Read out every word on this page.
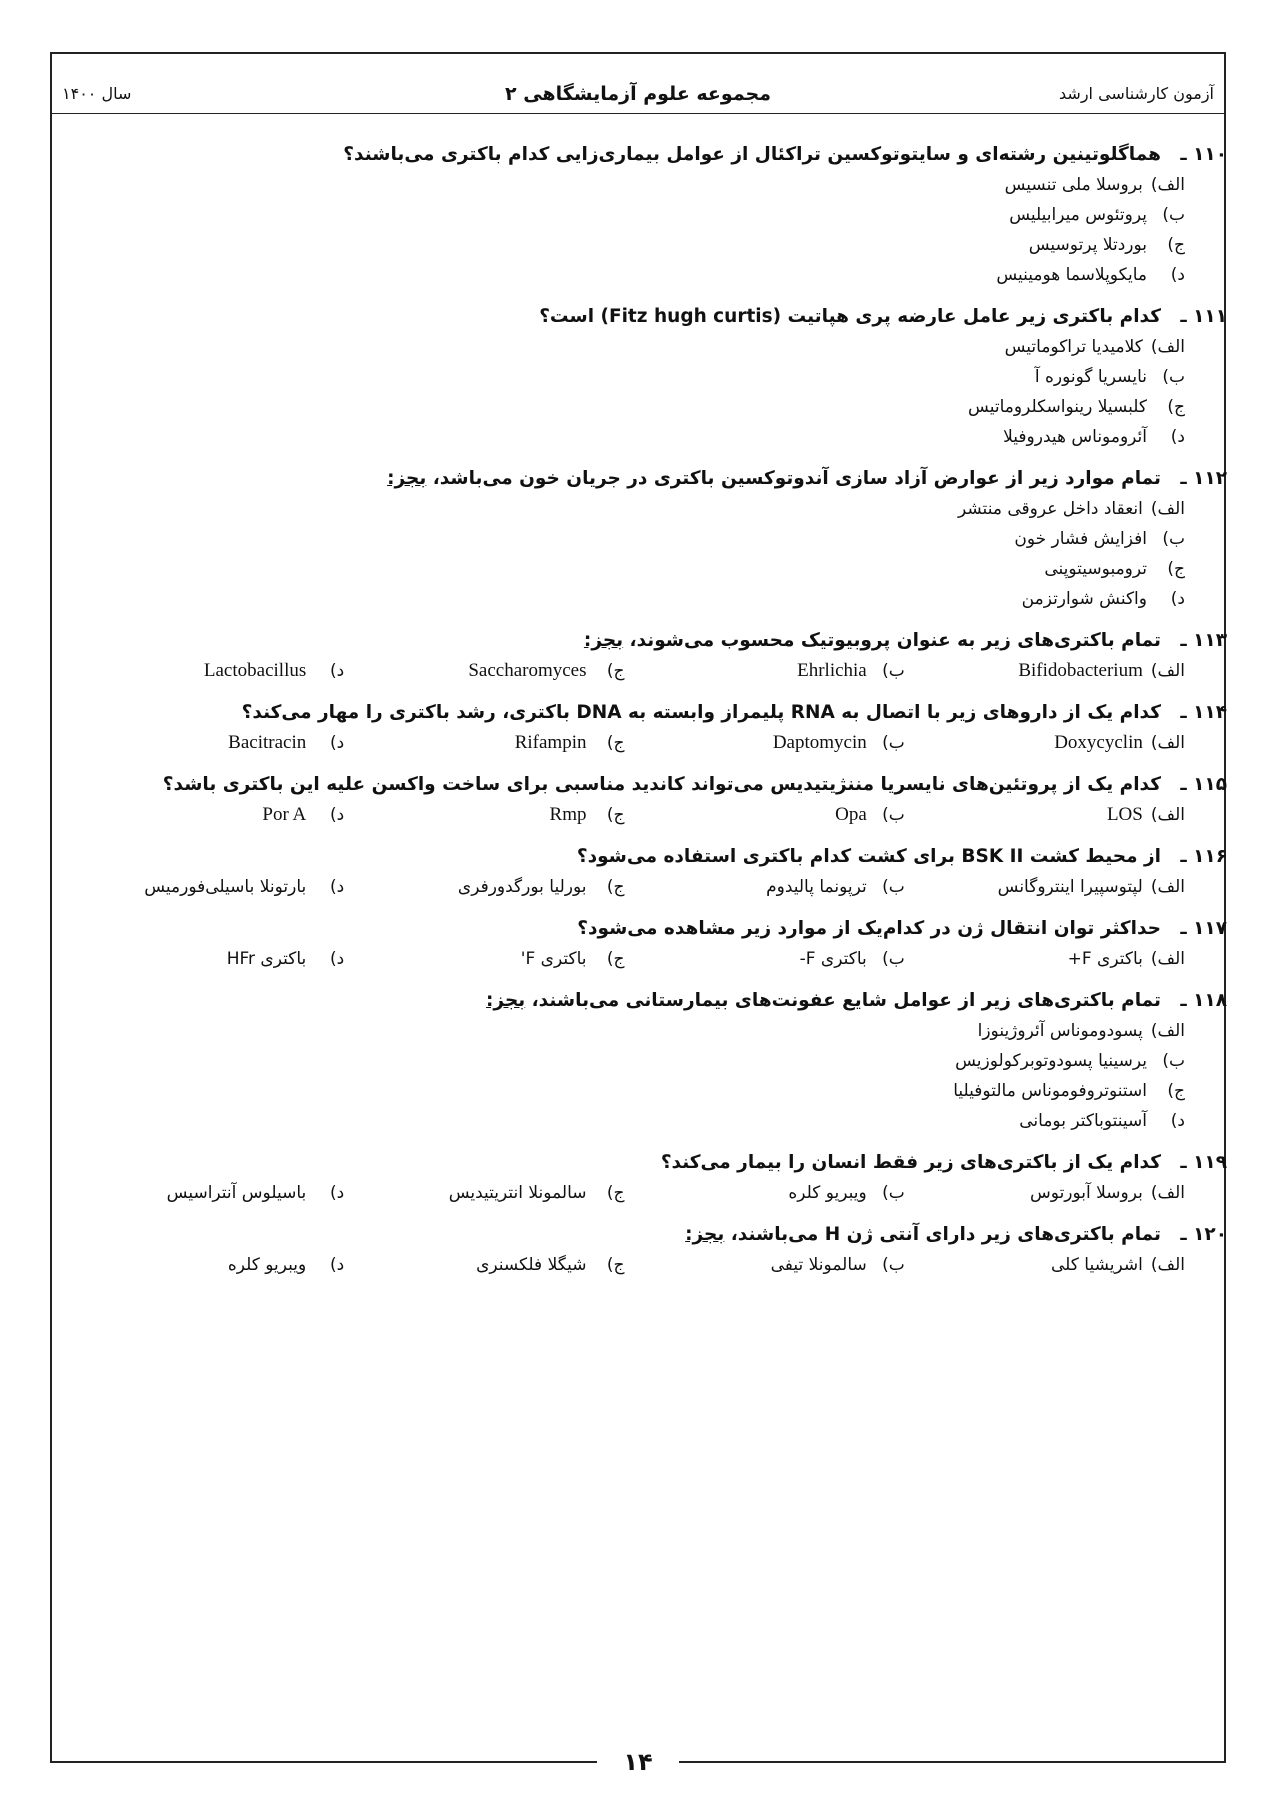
آزمون کارشناسی ارشد
مجموعه علوم آزمایشگاهی ۲
سال ۱۴۰۰
۱۱۰ ـ
هماگلوتینین رشته‌ای و سایتوتوکسین تراکئال از عوامل بیماری‌زایی کدام باکتری می‌باشند؟
الف)
بروسلا ملی تنسیس
ب)
پروتئوس میرابیلیس
ج)
بوردتلا پرتوسیس
د)
مایکوپلاسما هومینیس
۱۱۱ ـ
کدام باکتری زیر عامل عارضه پری هپاتیت (Fitz hugh curtis) است؟
الف)
کلامیدیا تراکوماتیس
ب)
نایسریا گونوره آ
ج)
کلبسیلا رینواسکلروماتیس
د)
آئروموناس هیدروفیلا
۱۱۲ ـ
تمام موارد زیر از عوارض آزاد سازی آندوتوکسین باکتری در جریان خون می‌باشد، بجز:
الف)
انعقاد داخل عروقی منتشر
ب)
افزایش فشار خون
ج)
ترومبوسیتوپنی
د)
واکنش شوارتزمن
۱۱۳ ـ
تمام باکتری‌های زیر به عنوان پروبیوتیک محسوب می‌شوند، بجز:
الف)
Bifidobacterium
ب)
Ehrlichia
ج)
Saccharomyces
د)
Lactobacillus
۱۱۴ ـ
کدام یک از داروهای زیر با اتصال به RNA پلیمراز وابسته به DNA باکتری، رشد باکتری را مهار می‌کند؟
الف)
Doxycyclin
ب)
Daptomycin
ج)
Rifampin
د)
Bacitracin
۱۱۵ ـ
کدام یک از پروتئین‌های نایسریا مننژیتیدیس می‌تواند کاندید مناسبی برای ساخت واکسن علیه این باکتری باشد؟
الف)
LOS
ب)
Opa
ج)
Rmp
د)
Por A
۱۱۶ ـ
از محیط کشت BSK II برای کشت کدام باکتری استفاده می‌شود؟
الف)
لپتوسپیرا اینتروگانس
ب)
ترپونما پالیدوم
ج)
بورلیا بورگدورفری
د)
بارتونلا باسیلی‌فورمیس
۱۱۷ ـ
حداکثر توان انتقال ژن در کدام‌یک از موارد زیر مشاهده می‌شود؟
الف)
باکتری F+
ب)
باکتری F-
ج)
باکتری F'
د)
باکتری HFr
۱۱۸ ـ
تمام باکتری‌های زیر از عوامل شایع عفونت‌های بیمارستانی می‌باشند، بجز:
الف)
پسودوموناس آئروژینوزا
ب)
یرسینیا پسودوتوبرکولوزیس
ج)
استنوتروفوموناس مالتوفیلیا
د)
آسینتوباکتر بومانی
۱۱۹ ـ
کدام یک از باکتری‌های زیر فقط انسان را بیمار می‌کند؟
الف)
بروسلا آبورتوس
ب)
ویبریو کلره
ج)
سالمونلا انتریتیدیس
د)
باسیلوس آنتراسیس
۱۲۰ ـ
تمام باکتری‌های زیر دارای آنتی ژن H می‌باشند، بجز:
الف)
اشریشیا کلی
ب)
سالمونلا تیفی
ج)
شیگلا فلکسنری
د)
ویبریو کلره
۱۴
